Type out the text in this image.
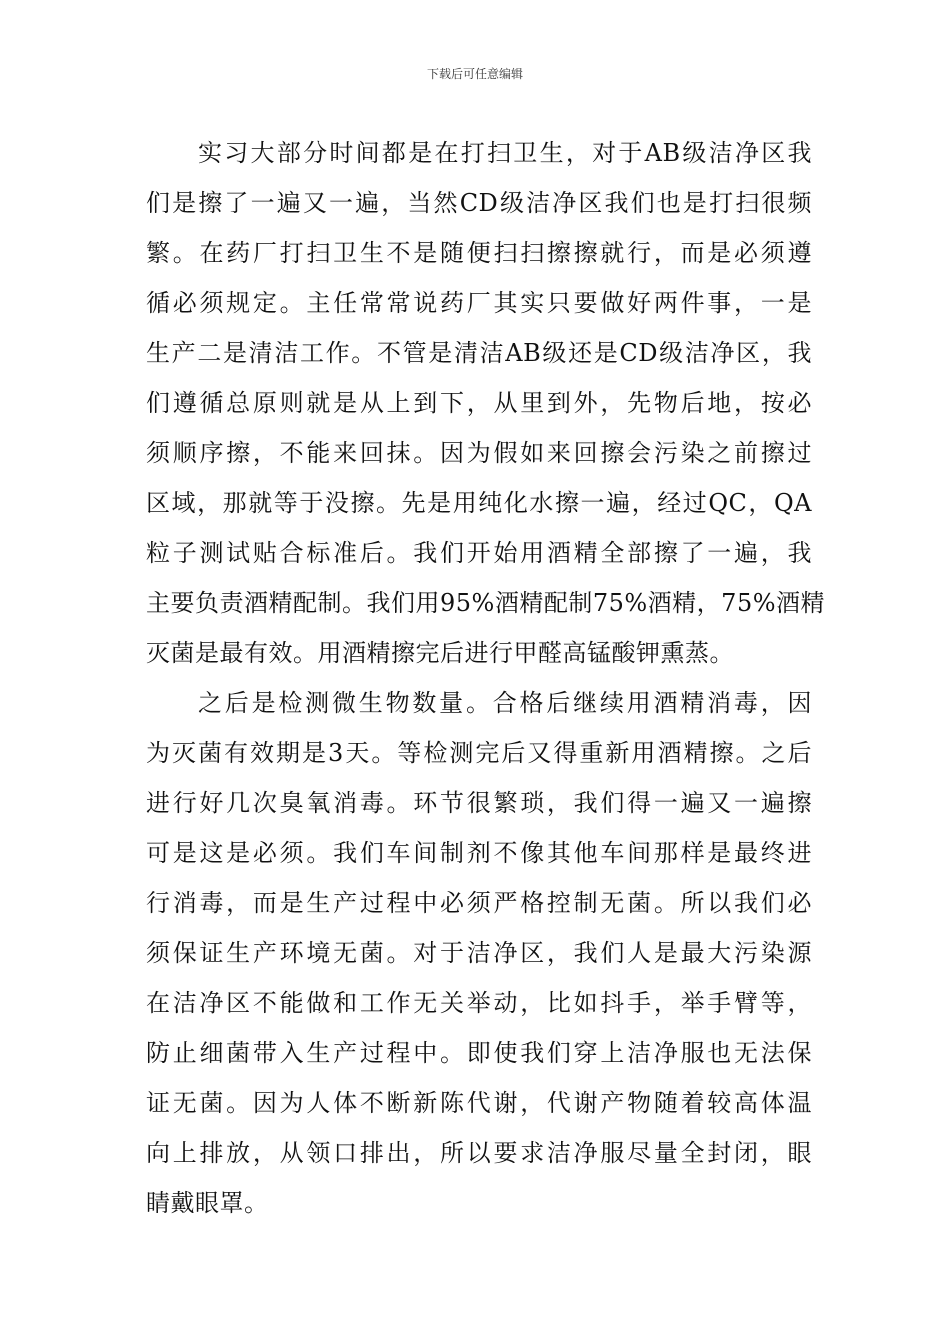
下载后可任意编辑
实习大部分时间都是在打扫卫生，对于AB级洁净区我
们是擦了一遍又一遍，当然CD级洁净区我们也是打扫很频
繁。在药厂打扫卫生不是随便扫扫擦擦就行，而是必须遵
循必须规定。主任常常说药厂其实只要做好两件事，一是
生产二是清洁工作。不管是清洁AB级还是CD级洁净区，我
们遵循总原则就是从上到下，从里到外，先物后地，按必
须顺序擦，不能来回抹。因为假如来回擦会污染之前擦过
区域，那就等于没擦。先是用纯化水擦一遍，经过QC，QA
粒子测试贴合标准后。我们开始用酒精全部擦了一遍，我
主要负责酒精配制。我们用95%酒精配制75%酒精，75%酒精
灭菌是最有效。用酒精擦完后进行甲醛高锰酸钾熏蒸。
之后是检测微生物数量。合格后继续用酒精消毒，因
为灭菌有效期是3天。等检测完后又得重新用酒精擦。之后
进行好几次臭氧消毒。环节很繁琐，我们得一遍又一遍擦
可是这是必须。我们车间制剂不像其他车间那样是最终进
行消毒，而是生产过程中必须严格控制无菌。所以我们必
须保证生产环境无菌。对于洁净区，我们人是最大污染源
在洁净区不能做和工作无关举动，比如抖手，举手臂等，
防止细菌带入生产过程中。即使我们穿上洁净服也无法保
证无菌。因为人体不断新陈代谢，代谢产物随着较高体温
向上排放，从领口排出，所以要求洁净服尽量全封闭，眼
睛戴眼罩。
